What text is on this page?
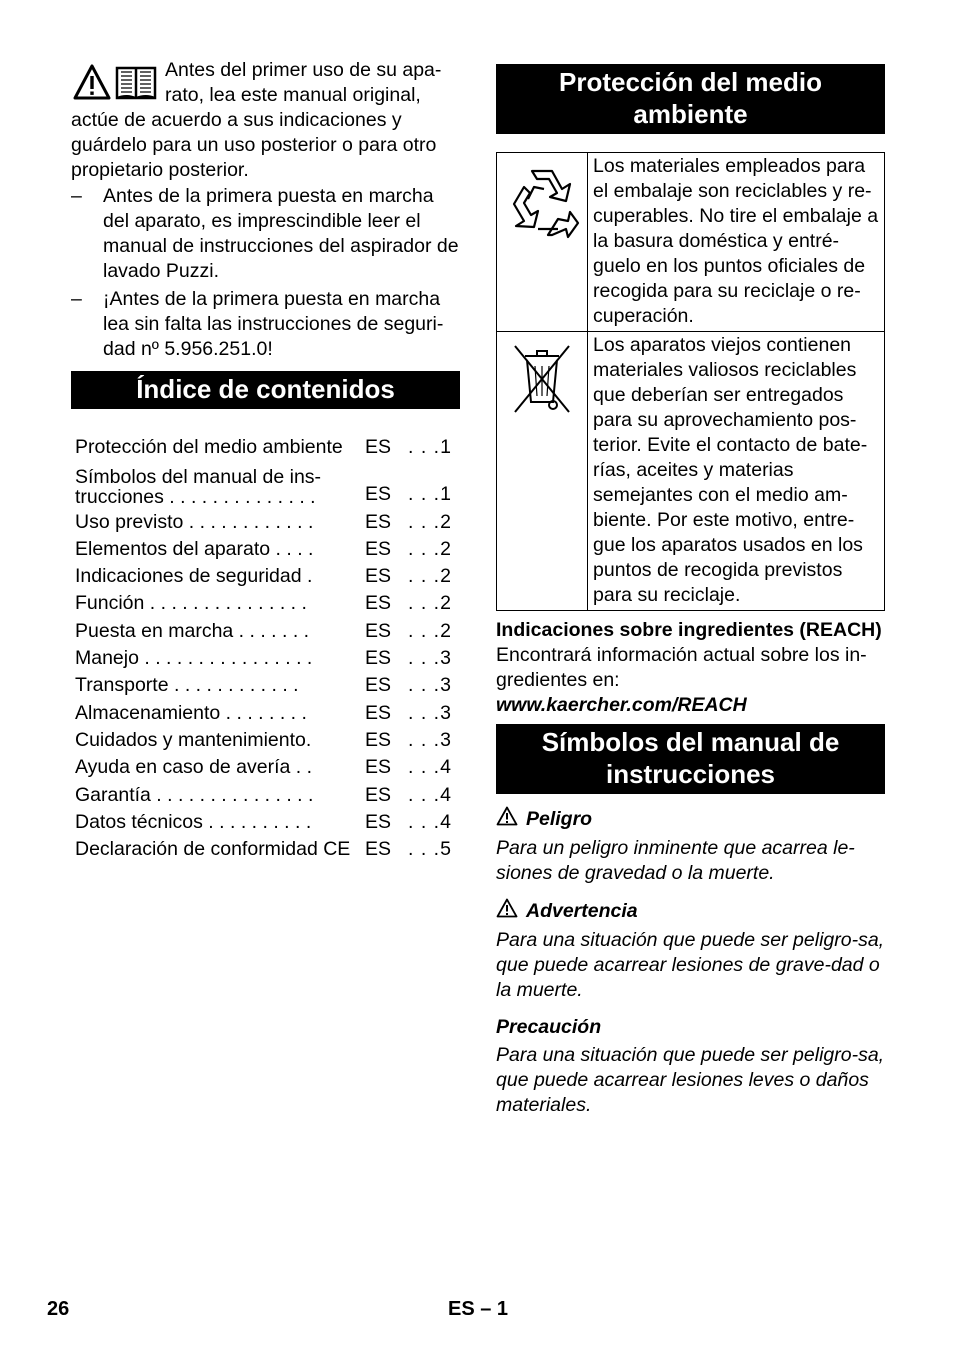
Antes del primer uso de su apa-rato, lea este manual original, actúe de acuerdo a sus indicaciones y guárdelo para un uso posterior o para otro propietario posterior.

– Antes de la primera puesta en marcha del aparato, es imprescindible leer el manual de instrucciones del aspirador de lavado Puzzi.
– ¡Antes de la primera puesta en marcha lea sin falta las instrucciones de seguri-dad nº 5.956.251.0!
Índice de contenidos
Protección del medio ambiente	ES . . .1
Símbolos del manual de ins-trucciones . . . . . . . . . . . . . .	ES . . .1
Uso previsto . . . . . . . . . . . .	ES . . .2
Elementos del aparato . . . .	ES . . .2
Indicaciones de seguridad .	ES . . .2
Función . . . . . . . . . . . . . . .	ES . . .2
Puesta en marcha . . . . . . .	ES . . .2
Manejo . . . . . . . . . . . . . . . .	ES . . .3
Transporte . . . . . . . . . . . .	ES . . .3
Almacenamiento . . . . . . . .	ES . . .3
Cuidados y mantenimiento.	ES . . .3
Ayuda en caso de avería . .	ES . . .4
Garantía . . . . . . . . . . . . . . .	ES . . .4
Datos técnicos . . . . . . . . . .	ES . . .4
Declaración de conformidad CE ES . . .5
Protección del medio ambiente
	Los materiales empleados para el embalaje son reciclables y re-cuperables. No tire el embalaje a la basura doméstica y entré-guelo en los puntos oficiales de recogida para su reciclaje o re-cuperación.
	Los aparatos viejos contienen materiales valiosos reciclables que deberían ser entregados para su aprovechamiento pos-terior. Evite el contacto de bate-rías, aceites y materias semejantes con el medio am-biente. Por este motivo, entre-gue los aparatos usados en los puntos de recogida previstos para su reciclaje.
Indicaciones sobre ingredientes (REACH)

Encontrará información actual sobre los in-gredientes en:

www.kaercher.com/REACH
Símbolos del manual de instrucciones
Peligro

Para un peligro inminente que acarrea le-siones de gravedad o la muerte.

Advertencia

Para una situación que puede ser peligro-sa, que puede acarrear lesiones de grave-dad o la muerte.

Precaución

Para una situación que puede ser peligro-sa, que puede acarrear lesiones leves o daños materiales.

26	ES – 1
